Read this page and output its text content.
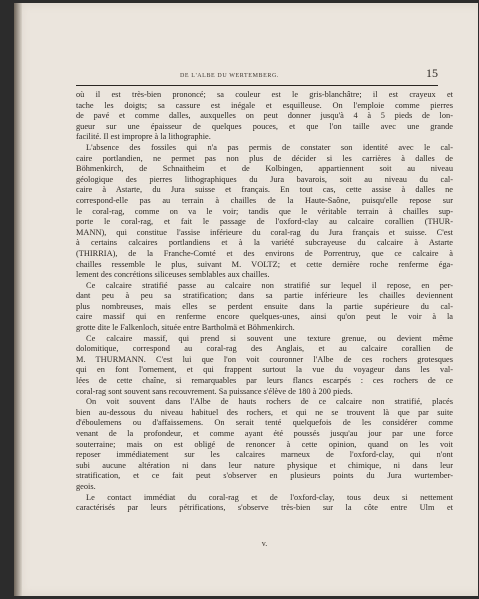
DE L'ALBE DU WERTEMBERG.	15
où il est très-bien prononcé; sa couleur est le gris-blanchâtre; il est crayeux et
tache les doigts; sa cassure est inégale et esquilleuse. On l'emploie comme pierres
de pavé et comme dalles, auxquelles on peut donner jusqu'à 4 à 5 pieds de lon-
gueur sur une épaisseur de quelques pouces, et que l'on taille avec une grande
facilité. Il est impropre à la lithographie.
L'absence des fossiles qui n'a pas permis de constater son identité avec le cal-
caire portlandien, ne permet pas non plus de décider si les carrières à dalles de
Böhmenkirch, de Schnaitheim et de Kolbingen, appartiennent soit au niveau
géologique des pierres lithographiques du Jura bavarois, soit au niveau du cal-
caire à Astarte, du Jura suisse et français. En tout cas, cette assise à dalles ne
correspond-elle pas au terrain à chailles de la Haute-Saône, puisqu'elle repose sur
le coral-rag, comme on va le voir; tandis que le véritable terrain à chailles sup-
porte le coral-rag, et fait le passage de l'oxford-clay au calcaire corallien (THUR-
MANN), qui constitue l'assise inférieure du coral-rag du Jura français et suisse. C'est
à certains calcaires portlandiens et à la variété subcrayeuse du calcaire à Astarte
(THIRRIA), de la Franche-Comté et des environs de Porrentruy, que ce calcaire à
chailles ressemble le plus, suivant M. VOLTZ; et cette dernière roche renferme éga-
lement des concrétions siliceuses semblables aux chailles.
Ce calcaire stratifié passe au calcaire non stratifié sur lequel il repose, en per-
dant peu à peu sa stratification; dans sa partie inférieure les chailles deviennent
plus nombreuses, mais elles se perdent ensuite dans la partie supérieure du cal-
caire massif qui en renferme encore quelques-unes, ainsi qu'on peut le voir à la
grotte dite le Falkenloch, située entre Bartholmä et Böhmenkirch.
Ce calcaire massif, qui prend si souvent une texture grenue, ou devient même
dolomitique, correspond au coral-rag des Anglais, et au calcaire corallien de
M. THURMANN. C'est lui que l'on voit couronner l'Albe de ces rochers grotesques
qui en font l'ornement, et qui frappent surtout la vue du voyageur dans les val-
lées de cette chaîne, si remarquables par leurs flancs escarpés : ces rochers de ce
coral-rag sont souvent sans recouvrement. Sa puissance s'élève de 180 à 200 pieds.
On voit souvent dans l'Albe de hauts rochers de ce calcaire non stratifié, placés
bien au-dessous du niveau habituel des rochers, et qui ne se trouvent là que par suite
d'éboulemens ou d'affaissemens. On serait tenté quelquefois de les considérer comme
venant de la profondeur, et comme ayant été poussés jusqu'au jour par une force
souterraine; mais on est obligé de renoncer à cette opinion, quand on les voit
reposer immédiatement sur les calcaires marneux de l'oxford-clay, qui n'ont
subi aucune altération ni dans leur nature physique et chimique, ni dans leur
stratification, et ce fait peut s'observer en plusieurs points du Jura wurtember-
geois.
Le contact immédiat du coral-rag et de l'oxford-clay, tous deux si nettement
caractérisés par leurs pétrifications, s'observe très-bien sur la côte entre Ulm et
v.
